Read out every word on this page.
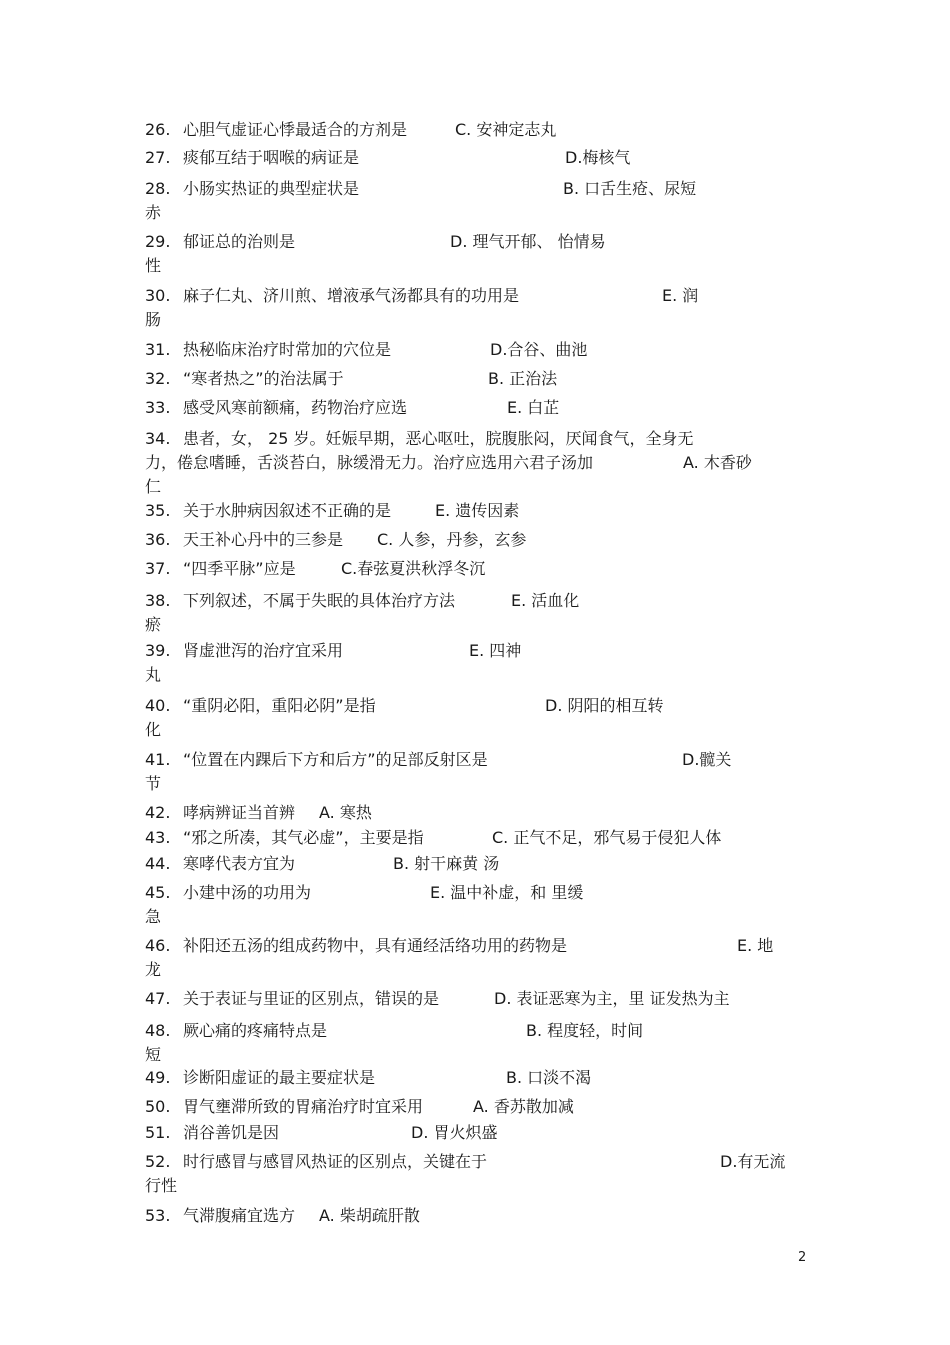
26. 心胆气虚证心悸最适合的方剂是	C. 安神定志丸
27. 痰郁互结于咽喉的病证是	D.梅核气
28. 小肠实热证的典型症状是	B. 口舌生疮、尿短
赤
29. 郁证总的治则是	D. 理气开郁、 怡情易
性
30. 麻子仁丸、济川煎、增液承气汤都具有的功用是	E. 润
肠
31. 热秘临床治疗时常加的穴位是	D.合谷、曲池
32. “寒者热之”的治法属于	B. 正治法
33. 感受风寒前额痛，药物治疗应选	E. 白芷
34. 患者，女， 25 岁。妊娠早期，恶心呕吐，脘腹胀闷，厌闻食气，全身无
力，倦怠嗜睡，舌淡苔白，脉缓滑无力。治疗应选用六君子汤加	A. 木香砂
仁
35. 关于水肿病因叙述不正确的是	E. 遗传因素
36. 天王补心丹中的三参是	C. 人参，丹参，玄参
37. “四季平脉”应是	C.春弦夏洪秋浮冬沉
38. 下列叙述，不属于失眠的具体治疗方法	E. 活血化
瘀
39. 肾虚泄泻的治疗宜采用	E. 四神
丸
40. “重阴必阳，重阳必阴”是指	D. 阴阳的相互转
化
41. “位置在内踝后下方和后方”的足部反射区是	D.髋关
节
42. 哮病辨证当首辨	A. 寒热
43. “邪之所凑，其气必虚”，主要是指	C. 正气不足，邪气易于侵犯人体
44. 寒哮代表方宜为	B. 射干麻黄 汤
45. 小建中汤的功用为	E. 温中补虚，和 里缓
急
46. 补阳还五汤的组成药物中，具有通经活络功用的药物是	E. 地
龙
47. 关于表证与里证的区别点，错误的是	D. 表证恶寒为主，里 证发热为主
48. 厥心痛的疼痛特点是	B. 程度轻，时间
短
49. 诊断阳虚证的最主要症状是	B. 口淡不渴
50. 胃气壅滞所致的胃痛治疗时宜采用	A. 香苏散加减
51. 消谷善饥是因	D. 胃火炽盛
52. 时行感冒与感冒风热证的区别点，关键在于	D.有无流
行性
53. 气滞腹痛宜选方	A. 柴胡疏肝散
2
